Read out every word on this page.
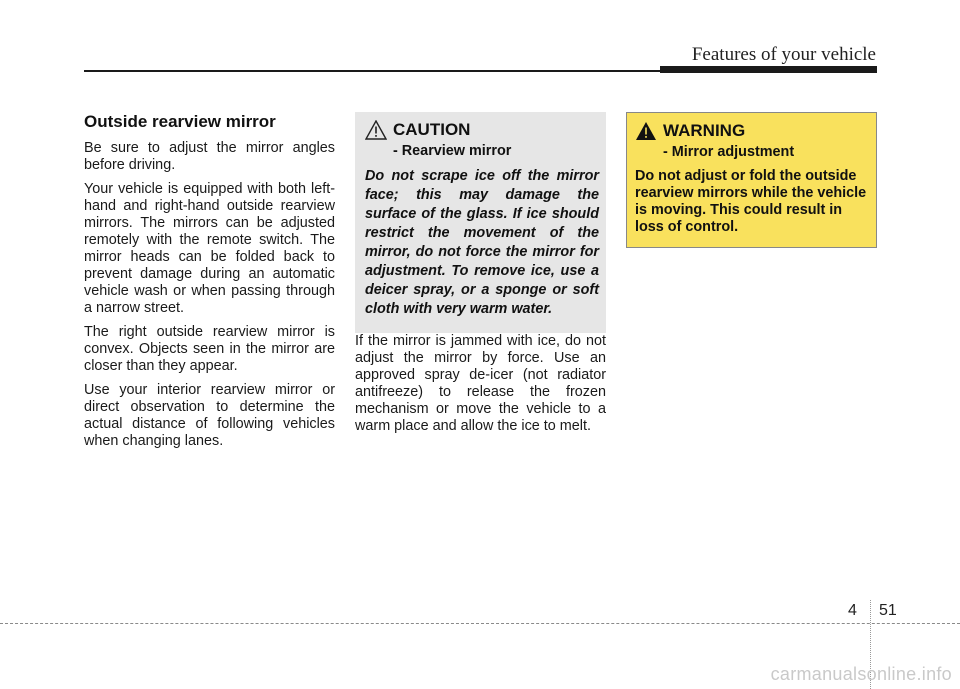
Features of your vehicle
Outside rearview mirror

Be sure to adjust the mirror angles before driving.

Your vehicle is equipped with both left-hand and right-hand outside rearview mirrors. The mirrors can be adjusted remotely with the remote switch. The mirror heads can be folded back to prevent damage during an automatic vehicle wash or when passing through a narrow street.

The right outside rearview mirror is convex. Objects seen in the mirror are closer than they appear.

Use your interior rearview mirror or direct observation to determine the actual distance of following vehicles when changing lanes.

CAUTION
- Rearview mirror

Do not scrape ice off the mirror face; this may damage the surface of the glass. If ice should restrict the movement of the mirror, do not force the mirror for adjustment. To remove ice, use a deicer spray, or a sponge or soft cloth with very warm water.

If the mirror is jammed with ice, do not adjust the mirror by force. Use an approved spray de-icer (not radiator antifreeze) to release the frozen mechanism or move the vehicle to a warm place and allow the ice to melt.

WARNING
- Mirror adjustment

Do not adjust or fold the outside rearview mirrors while the vehicle is moving. This could result in loss of control.

4 51
carmanualsonline.info
